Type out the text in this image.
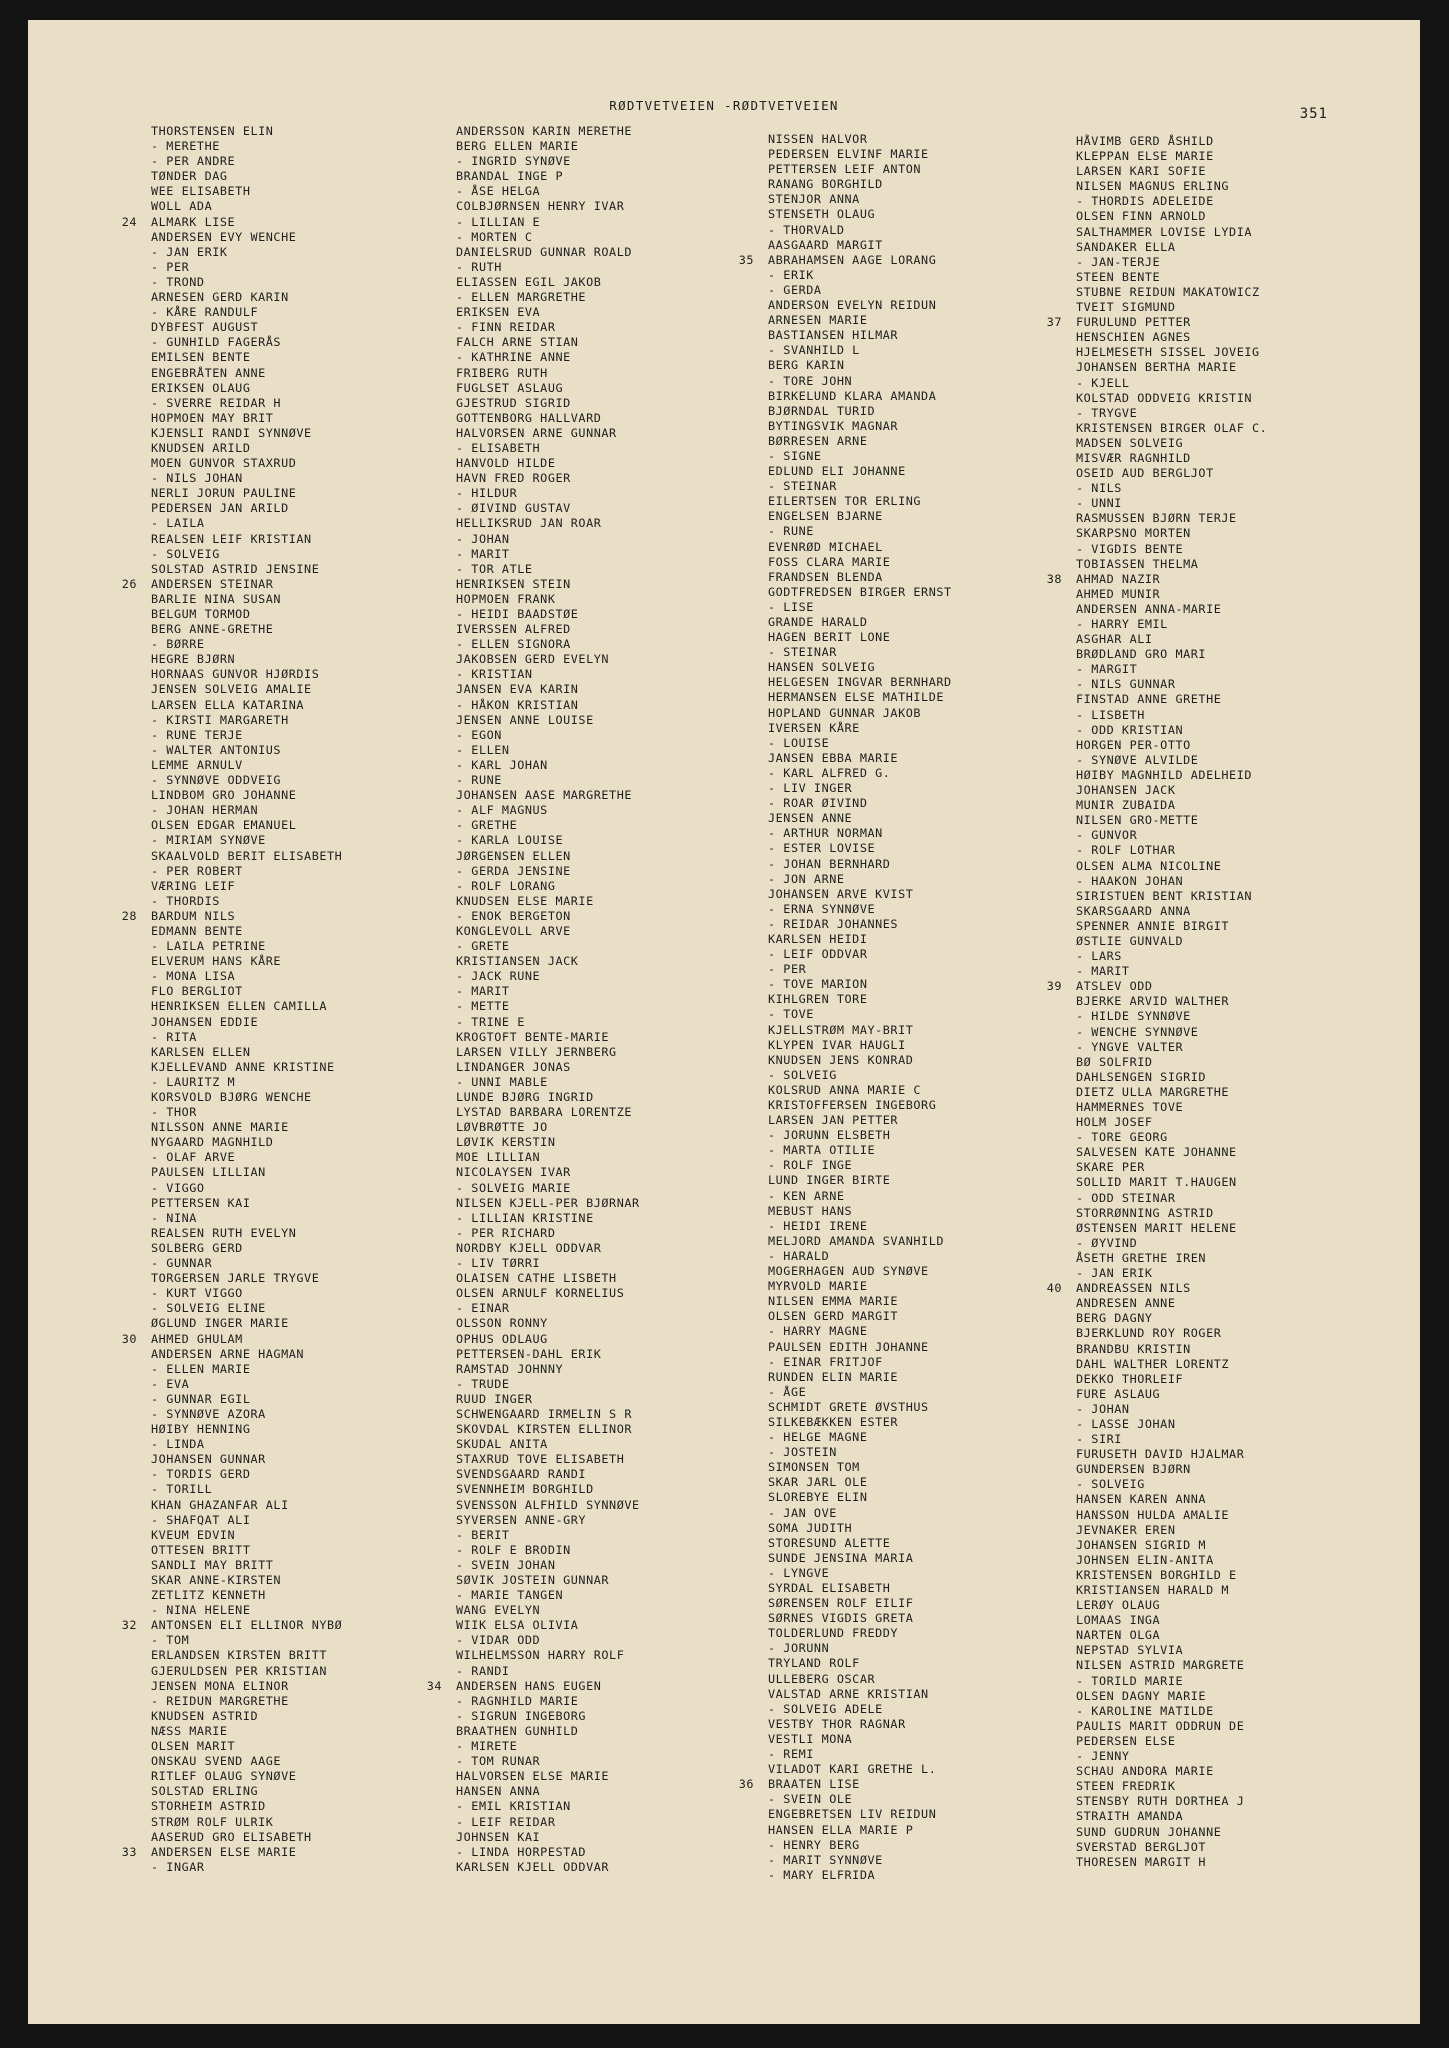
RØDTVETVEIEN -RØDTVETVEIEN
351
THORSTENSEN ELIN
- MERETHE
- PER ANDRE
TØNDER DAG
WEE ELISABETH
WOLL ADA
24 ALMARK LISE
ANDERSEN EVY WENCHE
- JAN ERIK
- PER
- TROND
ARNESEN GERD KARIN
- KÅRE RANDULF
DYBFEST AUGUST
- GUNHILD FAGERÅS
EMILSEN BENTE
ENGEBRÅTEN ANNE
ERIKSEN OLAUG
- SVERRE REIDAR H
HOPMOEN MAY BRIT
KJENSLI RANDI SYNNØVE
KNUDSEN ARILD
MOEN GUNVOR STAXRUD
- NILS JOHAN
NERLI JORUN PAULINE
PEDERSEN JAN ARILD
- LAILA
REALSEN LEIF KRISTIAN
- SOLVEIG
SOLSTAD ASTRID JENSINE
26 ANDERSEN STEINAR
BARLIE NINA SUSAN
BELGUM TORMOD
BERG ANNE-GRETHE
- BØRRE
HEGRE BJØRN
HORNAAS GUNVOR HJØRDIS
JENSEN SOLVEIG AMALIE
LARSEN ELLA KATARINA
- KIRSTI MARGARETH
- RUNE TERJE
- WALTER ANTONIUS
LEMME ARNULV
- SYNNØVE ODDVEIG
LINDBOM GRO JOHANNE
- JOHAN HERMAN
OLSEN EDGAR EMANUEL
- MIRIAM SYNØVE
SKAALVOLD BERIT ELISABETH
- PER ROBERT
VÆRING LEIF
- THORDIS
28 BARDUM NILS
EDMANN BENTE
- LAILA PETRINE
ELVERUM HANS KÅRE
- MONA LISA
FLO BERGLIOT
HENRIKSEN ELLEN CAMILLA
JOHANSEN EDDIE
- RITA
KARLSEN ELLEN
KJELLEVAND ANNE KRISTINE
- LAURITZ M
KORSVOLD BJØRG WENCHE
- THOR
NILSSON ANNE MARIE
NYGAARD MAGNHILD
- OLAF ARVE
PAULSEN LILLIAN
- VIGGO
PETTERSEN KAI
- NINA
REALSEN RUTH EVELYN
SOLBERG GERD
- GUNNAR
TORGERSEN JARLE TRYGVE
- KURT VIGGO
- SOLVEIG ELINE
ØGLUND INGER MARIE
30 AHMED GHULAM
ANDERSEN ARNE HAGMAN
- ELLEN MARIE
- EVA
- GUNNAR EGIL
- SYNNØVE AZORA
HØIBY HENNING
- LINDA
JOHANSEN GUNNAR
- TORDIS GERD
- TORILL
KHAN GHAZANFAR ALI
- SHAFQAT ALI
KVEUM EDVIN
OTTESEN BRITT
SANDLI MAY BRITT
SKAR ANNE-KIRSTEN
ZETLITZ KENNETH
- NINA HELENE
32 ANTONSEN ELI ELLINOR NYBØ
- TOM
ERLANDSEN KIRSTEN BRITT
GJERULDSEN PER KRISTIAN
JENSEN MONA ELINOR
- REIDUN MARGRETHE
KNUDSEN ASTRID
NÆSS MARIE
OLSEN MARIT
ONSKAU SVEND AAGE
RITLEF OLAUG SYNØVE
SOLSTAD ERLING
STORHEIM ASTRID
STRØM ROLF ULRIK
AASERUD GRO ELISABETH
33 ANDERSEN ELSE MARIE
- INGAR
ANDERSSON KARIN MERETHE
BERG ELLEN MARIE
- INGRID SYNØVE
BRANDAL INGE P
- ÅSE HELGA
COLBJØRNSEN HENRY IVAR
- LILLIAN E
- MORTEN C
DANIELSRUD GUNNAR ROALD
- RUTH
ELIASSEN EGIL JAKOB
- ELLEN MARGRETHE
ERIKSEN EVA
- FINN REIDAR
FALCH ARNE STIAN
- KATHRINE ANNE
FRIBERG RUTH
FUGLSET ASLAUG
GJESTRUD SIGRID
GOTTENBORG HALLVARD
HALVORSEN ARNE GUNNAR
- ELISABETH
HANVOLD HILDE
HAVN FRED ROGER
- HILDUR
- ØIVIND GUSTAV
HELLIKSRUD JAN ROAR
- JOHAN
- MARIT
- TOR ATLE
HENRIKSEN STEIN
HOPMOEN FRANK
- HEIDI BAADSTØE
IVERSSEN ALFRED
- ELLEN SIGNORA
JAKOBSEN GERD EVELYN
- KRISTIAN
JANSEN EVA KARIN
- HÅKON KRISTIAN
JENSEN ANNE LOUISE
- EGON
- ELLEN
- KARL JOHAN
- RUNE
JOHANSEN AASE MARGRETHE
- ALF MAGNUS
- GRETHE
- KARLA LOUISE
JØRGENSEN ELLEN
- GERDA JENSINE
- ROLF LORANG
KNUDSEN ELSE MARIE
- ENOK BERGETON
KONGLEVOLL ARVE
- GRETE
KRISTIANSEN JACK
- JACK RUNE
- MARIT
- METTE
- TRINE E
KROGTOFT BENTE-MARIE
LARSEN VILLY JERNBERG
LINDANGER JONAS
- UNNI MABLE
LUNDE BJØRG INGRID
LYSTAD BARBARA LORENTZE
LØVBRØTTE JO
LØVIK KERSTIN
MOE LILLIAN
NICOLAYSEN IVAR
- SOLVEIG MARIE
NILSEN KJELL-PER BJØRNAR
- LILLIAN KRISTINE
- PER RICHARD
NORDBY KJELL ODDVAR
- LIV TØRRI
OLAISEN CATHE LISBETH
OLSEN ARNULF KORNELIUS
- EINAR
OLSSON RONNY
OPHUS ODLAUG
PETTERSEN-DAHL ERIK
RAMSTAD JOHNNY
- TRUDE
RUUD INGER
SCHWENGAARD IRMELIN S R
SKOVDAL KIRSTEN ELLINOR
SKUDAL ANITA
STAXRUD TOVE ELISABETH
SVENDSGAARD RANDI
SVENNHEIM BORGHILD
SVENSSON ALFHILD SYNNØVE
SYVERSEN ANNE-GRY
- BERIT
- ROLF E BRODIN
- SVEIN JOHAN
SØVIK JOSTEIN GUNNAR
- MARIE TANGEN
WANG EVELYN
WIIK ELSA OLIVIA
- VIDAR ODD
WILHELMSSON HARRY ROLF
- RANDI
34 ANDERSEN HANS EUGEN
- RAGNHILD MARIE
- SIGRUN INGEBORG
BRAATHEN GUNHILD
- MIRETE
- TOM RUNAR
HALVORSEN ELSE MARIE
HANSEN ANNA
- EMIL KRISTIAN
- LEIF REIDAR
JOHNSEN KAI
- LINDA HORPESTAD
KARLSEN KJELL ODDVAR
NISSEN HALVOR
PEDERSEN ELVINF MARIE
PETTERSEN LEIF ANTON
RANANG BORGHILD
STENJOR ANNA
STENSETH OLAUG
- THORVALD
AASGAARD MARGIT
35 ABRAHAMSEN AAGE LORANG
- ERIK
- GERDA
ANDERSON EVELYN REIDUN
ARNESEN MARIE
BASTIANSEN HILMAR
- SVANHILD L
BERG KARIN
- TORE JOHN
BIRKELUND KLARA AMANDA
BJØRNDAL TURID
BYTINGSVIK MAGNAR
BØRRESEN ARNE
- SIGNE
EDLUND ELI JOHANNE
- STEINAR
EILERTSEN TOR ERLING
ENGELSEN BJARNE
- RUNE
EVENRØD MICHAEL
FOSS CLARA MARIE
FRANDSEN BLENDA
GODTFREDSEN BIRGER ERNST
- LISE
GRANDE HARALD
HAGEN BERIT LONE
- STEINAR
HANSEN SOLVEIG
HELGESEN INGVAR BERNHARD
HERMANSEN ELSE MATHILDE
HOPLAND GUNNAR JAKOB
IVERSEN KÅRE
- LOUISE
JANSEN EBBA MARIE
- KARL ALFRED G.
- LIV INGER
- ROAR ØIVIND
JENSEN ANNE
- ARTHUR NORMAN
- ESTER LOVISE
- JOHAN BERNHARD
- JON ARNE
JOHANSEN ARVE KVIST
- ERNA SYNNØVE
- REIDAR JOHANNES
KARLSEN HEIDI
- LEIF ODDVAR
- PER
- TOVE MARION
KIHLGREN TORE
- TOVE
KJELLSTRØM MAY-BRIT
KLYPEN IVAR HAUGLI
KNUDSEN JENS KONRAD
- SOLVEIG
KOLSRUD ANNA MARIE C
KRISTOFFERSEN INGEBORG
LARSEN JAN PETTER
- JORUNN ELSBETH
- MARTA OTILIE
- ROLF INGE
LUND INGER BIRTE
- KEN ARNE
MEBUST HANS
- HEIDI IRENE
MELJORD AMANDA SVANHILD
- HARALD
MOGERHAGEN AUD SYNØVE
MYRVOLD MARIE
NILSEN EMMA MARIE
OLSEN GERD MARGIT
- HARRY MAGNE
PAULSEN EDITH JOHANNE
- EINAR FRITJOF
RUNDEN ELIN MARIE
- ÅGE
SCHMIDT GRETE ØVSTHUS
SILKEBÆKKEN ESTER
- HELGE MAGNE
- JOSTEIN
SIMONSEN TOM
SKAR JARL OLE
SLOREBYE ELIN
- JAN OVE
SOMA JUDITH
STORESUND ALETTE
SUNDE JENSINA MARIA
- LYNGVE
SYRDAL ELISABETH
SØRENSEN ROLF EILIF
SØRNES VIGDIS GRETA
TOLDERLUND FREDDY
- JORUNN
TRYLAND ROLF
ULLEBERG OSCAR
VALSTAD ARNE KRISTIAN
- SOLVEIG ADELE
VESTBY THOR RAGNAR
VESTLI MONA
- REMI
VILADOT KARI GRETHE L.
36 BRAATEN LISE
- SVEIN OLE
ENGEBRETSEN LIV REIDUN
HANSEN ELLA MARIE P
- HENRY BERG
- MARIT SYNNØVE
- MARY ELFRIDA
HÅVIMB GERD ÅSHILD
KLEPPAN ELSE MARIE
LARSEN KARI SOFIE
NILSEN MAGNUS ERLING
- THORDIS ADELEIDE
OLSEN FINN ARNOLD
SALTHAMMER LOVISE LYDIA
SANDAKER ELLA
- JAN-TERJE
STEEN BENTE
STUBNE REIDUN MAKATOWICZ
TVEIT SIGMUND
37 FURULUND PETTER
HENSCHIEN AGNES
HJELMESETH SISSEL JOVEIG
JOHANSEN BERTHA MARIE
- KJELL
KOLSTAD ODDVEIG KRISTIN
- TRYGVE
KRISTENSEN BIRGER OLAF C.
MADSEN SOLVEIG
MISVÆR RAGNHILD
OSEID AUD BERGLJOT
- NILS
- UNNI
RASMUSSEN BJØRN TERJE
SKARPSNO MORTEN
- VIGDIS BENTE
TOBIASSEN THELMA
38 AHMAD NAZIR
AHMED MUNIR
ANDERSEN ANNA-MARIE
- HARRY EMIL
ASGHAR ALI
BRØDLAND GRO MARI
- MARGIT
- NILS GUNNAR
FINSTAD ANNE GRETHE
- LISBETH
- ODD KRISTIAN
HORGEN PER-OTTO
- SYNØVE ALVILDE
HØIBY MAGNHILD ADELHEID
JOHANSEN JACK
MUNIR ZUBAIDA
NILSEN GRO-METTE
- GUNVOR
- ROLF LOTHAR
OLSEN ALMA NICOLINE
- HAAKON JOHAN
SIRISTUEN BENT KRISTIAN
SKARSGAARD ANNA
SPENNER ANNIE BIRGIT
ØSTLIE GUNVALD
- LARS
- MARIT
39 ATSLEV ODD
BJERKE ARVID WALTHER
- HILDE SYNNØVE
- WENCHE SYNNØVE
- YNGVE VALTER
BØ SOLFRID
DAHLSENGEN SIGRID
DIETZ ULLA MARGRETHE
HAMMERNES TOVE
HOLM JOSEF
- TORE GEORG
SALVESEN KATE JOHANNE
SKARE PER
SOLLID MARIT T.HAUGEN
- ODD STEINAR
STORRØNNING ASTRID
ØSTENSEN MARIT HELENE
- ØYVIND
ÅSETH GRETHE IREN
- JAN ERIK
40 ANDREASSEN NILS
ANDRESEN ANNE
BERG DAGNY
BJERKLUND ROY ROGER
BRANDBU KRISTIN
DAHL WALTHER LORENTZ
DEKKO THORLEIF
FURE ASLAUG
- JOHAN
- LASSE JOHAN
- SIRI
FURUSETH DAVID HJALMAR
GUNDERSEN BJØRN
- SOLVEIG
HANSEN KAREN ANNA
HANSSON HULDA AMALIE
JEVNAKER EREN
JOHANSEN SIGRID M
JOHNSEN ELIN-ANITA
KRISTENSEN BORGHILD E
KRISTIANSEN HARALD M
LERØY OLAUG
LOMAAS INGA
NARTEN OLGA
NEPSTAD SYLVIA
NILSEN ASTRID MARGRETE
- TORILD MARIE
OLSEN DAGNY MARIE
- KAROLINE MATILDE
PAULIS MARIT ODDRUN DE
PEDERSEN ELSE
- JENNY
SCHAU ANDORA MARIE
STEEN FREDRIK
STENSBY RUTH DORTHEA J
STRAITH AMANDA
SUND GUDRUN JOHANNE
SVERSTAD BERGLJOT
THORESEN MARGIT H
